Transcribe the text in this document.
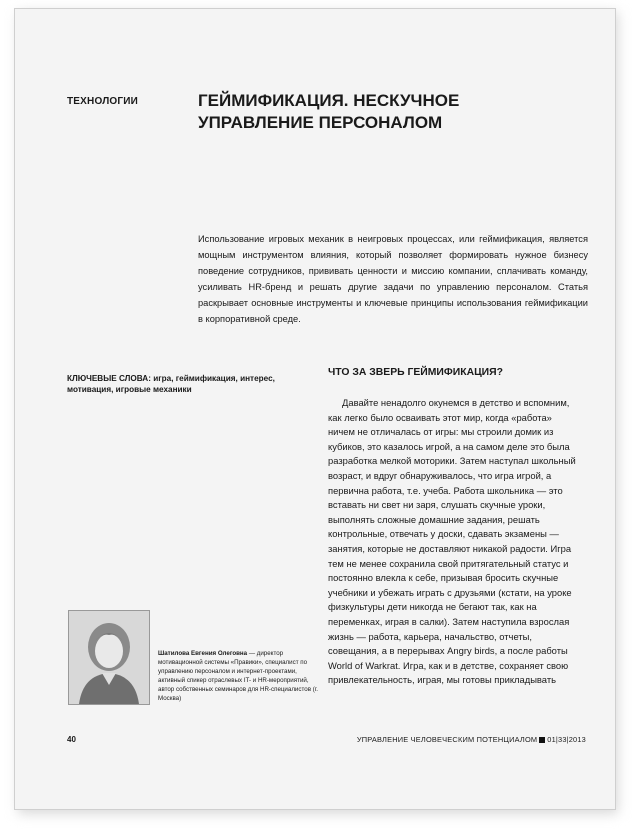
ТЕХНОЛОГИИ	ГЕЙМИФИКАЦИЯ. НЕСКУЧНОЕ УПРАВЛЕНИЕ ПЕРСОНАЛОМ

Использование игровых механик в неигровых процессах, или геймификация, является мощным инструментом влияния, который позволяет формировать нужное бизнесу поведение сотрудников, прививать ценности и миссию компании, сплачивать команду, усиливать HR-бренд и решать другие задачи по управлению персоналом. Статья раскрывает основные инструменты и ключевые принципы использования геймификации в корпоративной среде.

КЛЮЧЕВЫЕ СЛОВА: игра, геймификация, интерес, мотивация, игровые механики

ЧТО ЗА ЗВЕРЬ ГЕЙМИФИКАЦИЯ?

Давайте ненадолго окунемся в детство и вспомним, как легко было осваивать этот мир, когда «работа» ничем не отличалась от игры: мы строили домик из кубиков, это казалось игрой, а на самом деле это была разработка мелкой моторики. Затем наступал школьный возраст, и вдруг обнаруживалось, что игра игрой, а первична работа, т.е. учеба. Работа школьника — это вставать ни свет ни заря, слушать скучные уроки, выполнять сложные домашние задания, решать контрольные, отвечать у доски, сдавать экзамены — занятия, которые не доставляют никакой радости. Игра тем не менее сохранила свой притягательный статус и постоянно влекла к себе, призывая бросить скучные учебники и убежать играть с друзьями (кстати, на уроке физкультуры дети никогда не бегают так, как на переменках, играя в салки). Затем наступила взрослая жизнь — работа, карьера, начальство, отчеты, совещания, а в перерывах Angry birds, а после работы World of Warkrat. Игра, как и в детстве, сохраняет свою привлекательность, играя, мы готовы прикладывать

Шатилова Евгения Олеговна — директор мотивационной системы «Правики», специалист по управлению персоналом и интернет-проектами, активный спикер отраслевых IT- и HR-мероприятий, автор собственных семинаров для HR-специалистов (г. Москва)

40	УПРАВЛЕНИЕ ЧЕЛОВЕЧЕСКИМ ПОТЕНЦИАЛОМ 01|33|2013
